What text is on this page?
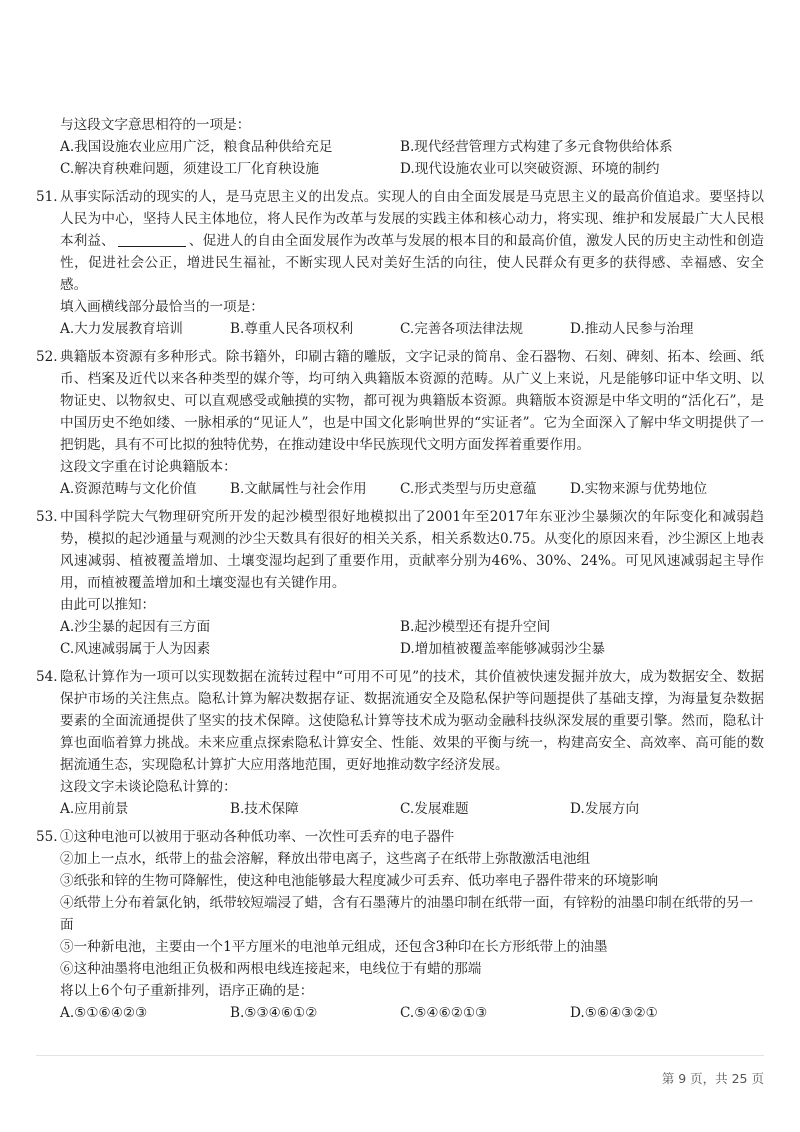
与这段文字意思相符的一项是：
A.我国设施农业应用广泛，粮食品种供给充足	B.现代经营管理方式构建了多元食物供给体系
C.解决育秧难问题，须建设工厂化育秧设施	D.现代设施农业可以突破资源、环境的制约
51. 从事实际活动的现实的人，是马克思主义的出发点。实现人的自由全面发展是马克思主义的最高价值追求。要坚持以人民为中心，坚持人民主体地位，将人民作为改革与发展的实践主体和核心动力，将实现、维护和发展最广大人民根本利益、	、促进人的自由全面发展作为改革与发展的根本目的和最高价值，激发人民的历史主动性和创造性，促进社会公正，增进民生福祉，不断实现人民对美好生活的向往，使人民群众有更多的获得感、幸福感、安全感。
填入画横线部分最恰当的一项是：
A.大力发展教育培训	B.尊重人民各项权利	C.完善各项法律法规	D.推动人民参与治理
52. 典籍版本资源有多种形式。除书籍外，印刷古籍的雕版，文字记录的简帛、金石器物、石刻、碑刻、拓本、绘画、纸币、档案及近代以来各种类型的媒介等，均可纳入典籍版本资源的范畴。从广义上来说，凡是能够印证中华文明、以物证史、以物叙史、可以直观感受或触摸的实物，都可视为典籍版本资源。典籍版本资源是中华文明的“活化石”，是中国历史不绝如缕、一脉相承的“见证人”，也是中国文化影响世界的“实证者”。它为全面深入了解中华文明提供了一把钥匙，具有不可比拟的独特优势，在推动建设中华民族现代文明方面发挥着重要作用。
这段文字重在讨论典籍版本：
A.资源范畴与文化价值	B.文献属性与社会作用	C.形式类型与历史意蕴	D.实物来源与优势地位
53. 中国科学院大气物理研究所开发的起沙模型很好地模拟出了2001年至2017年东亚沙尘暴频次的年际变化和减弱趋势，模拟的起沙通量与观测的沙尘天数具有很好的相关关系，相关系数达0.75。从变化的原因来看，沙尘源区上地表风速减弱、植被覆盖增加、土壤变湿均起到了重要作用，贡献率分别为46%、30%、24%。可见风速减弱起主导作用，而植被覆盖增加和土壤变湿也有关键作用。
由此可以推知：
A.沙尘暴的起因有三方面	B.起沙模型还有提升空间
C.风速减弱属于人为因素	D.增加植被覆盖率能够减弱沙尘暴
54. 隐私计算作为一项可以实现数据在流转过程中“可用不可见”的技术，其价值被快速发掘并放大，成为数据安全、数据保护市场的关注焦点。隐私计算为解决数据存证、数据流通安全及隐私保护等问题提供了基础支撑，为海量复杂数据要素的全面流通提供了坚实的技术保障。这使隐私计算等技术成为驱动金融科技纵深发展的重要引擎。然而，隐私计算也面临着算力挑战。未来应重点探索隐私计算安全、性能、效果的平衡与统一，构建高安全、高效率、高可能的数据流通生态，实现隐私计算扩大应用落地范围，更好地推动数字经济发展。
这段文字未谈论隐私计算的：
A.应用前景	B.技术保障	C.发展难题	D.发展方向
55. ①这种电池可以被用于驱动各种低功率、一次性可丢弃的电子器件
②加上一点水，纸带上的盐会溶解，释放出带电离子，这些离子在纸带上弥散激活电池组
③纸张和锌的生物可降解性，使这种电池能够最大程度减少可丢弃、低功率电子器件带来的环境影响
④纸带上分布着氯化钠，纸带较短端浸了蜡，含有石墨薄片的油墨印制在纸带一面，有锌粉的油墨印制在纸带的另一面
⑤一种新电池，主要由一个1平方厘米的电池单元组成，还包含3种印在长方形纸带上的油墨
⑥这种油墨将电池组正负极和两根电线连接起来，电线位于有蜡的那端
将以上6个句子重新排列，语序正确的是：
A.⑤①⑥④②③	B.⑤③④⑥①②	C.⑤④⑥②①③	D.⑤⑥④③②①
第 9 页，共 25 页
